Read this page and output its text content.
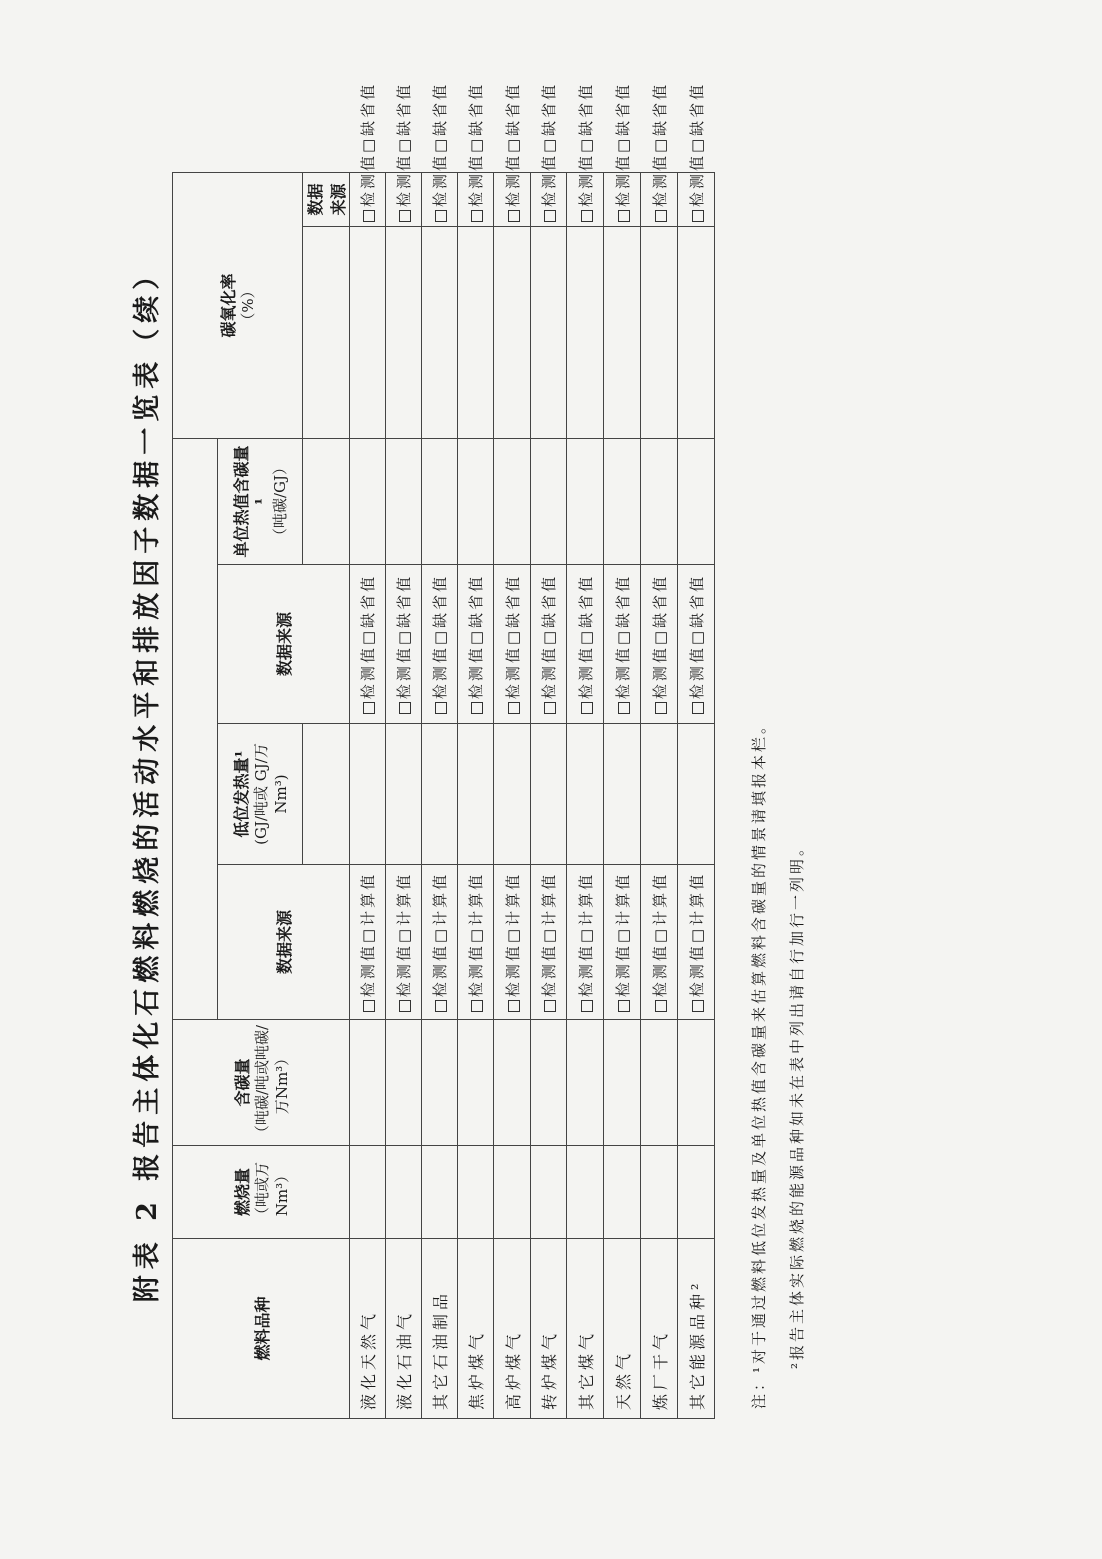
附表 2 报告主体化石燃料燃烧的活动水平和排放因子数据一览表（续）
燃料品种	燃烧量 （吨或万Nm³）	含碳量 （吨碳/吨或吨碳/万Nm³）					碳氧化率 （%）	

			数据来源	低位发热量¹ (GJ/吨或 GJ/万Nm³)	数据来源	单位热值含碳量¹ （吨碳/GJ）		

								数据来源
液化天然气			检测值□计算值		检测值□缺省值			检测值□缺省值
液化石油气			检测值□计算值		检测值□缺省值			检测值□缺省值
其它石油制品			检测值□计算值		检测值□缺省值			检测值□缺省值
焦炉煤气			检测值□计算值		检测值□缺省值			检测值□缺省值
高炉煤气			检测值□计算值		检测值□缺省值			检测值□缺省值
转炉煤气			检测值□计算值		检测值□缺省值			检测值□缺省值
其它煤气			检测值□计算值		检测值□缺省值			检测值□缺省值
天然气			检测值□计算值		检测值□缺省值			检测值□缺省值
炼厂干气			检测值□计算值		检测值□缺省值			检测值□缺省值
其它能源品种²			检测值□计算值		检测值□缺省值			检测值□缺省值
注：¹对于通过燃料低位发热量及单位热值含碳量来估算燃料含碳量的情景请填报本栏。	²报告主体实际燃烧的能源品种如未在表中列出请自行加行一列明。
